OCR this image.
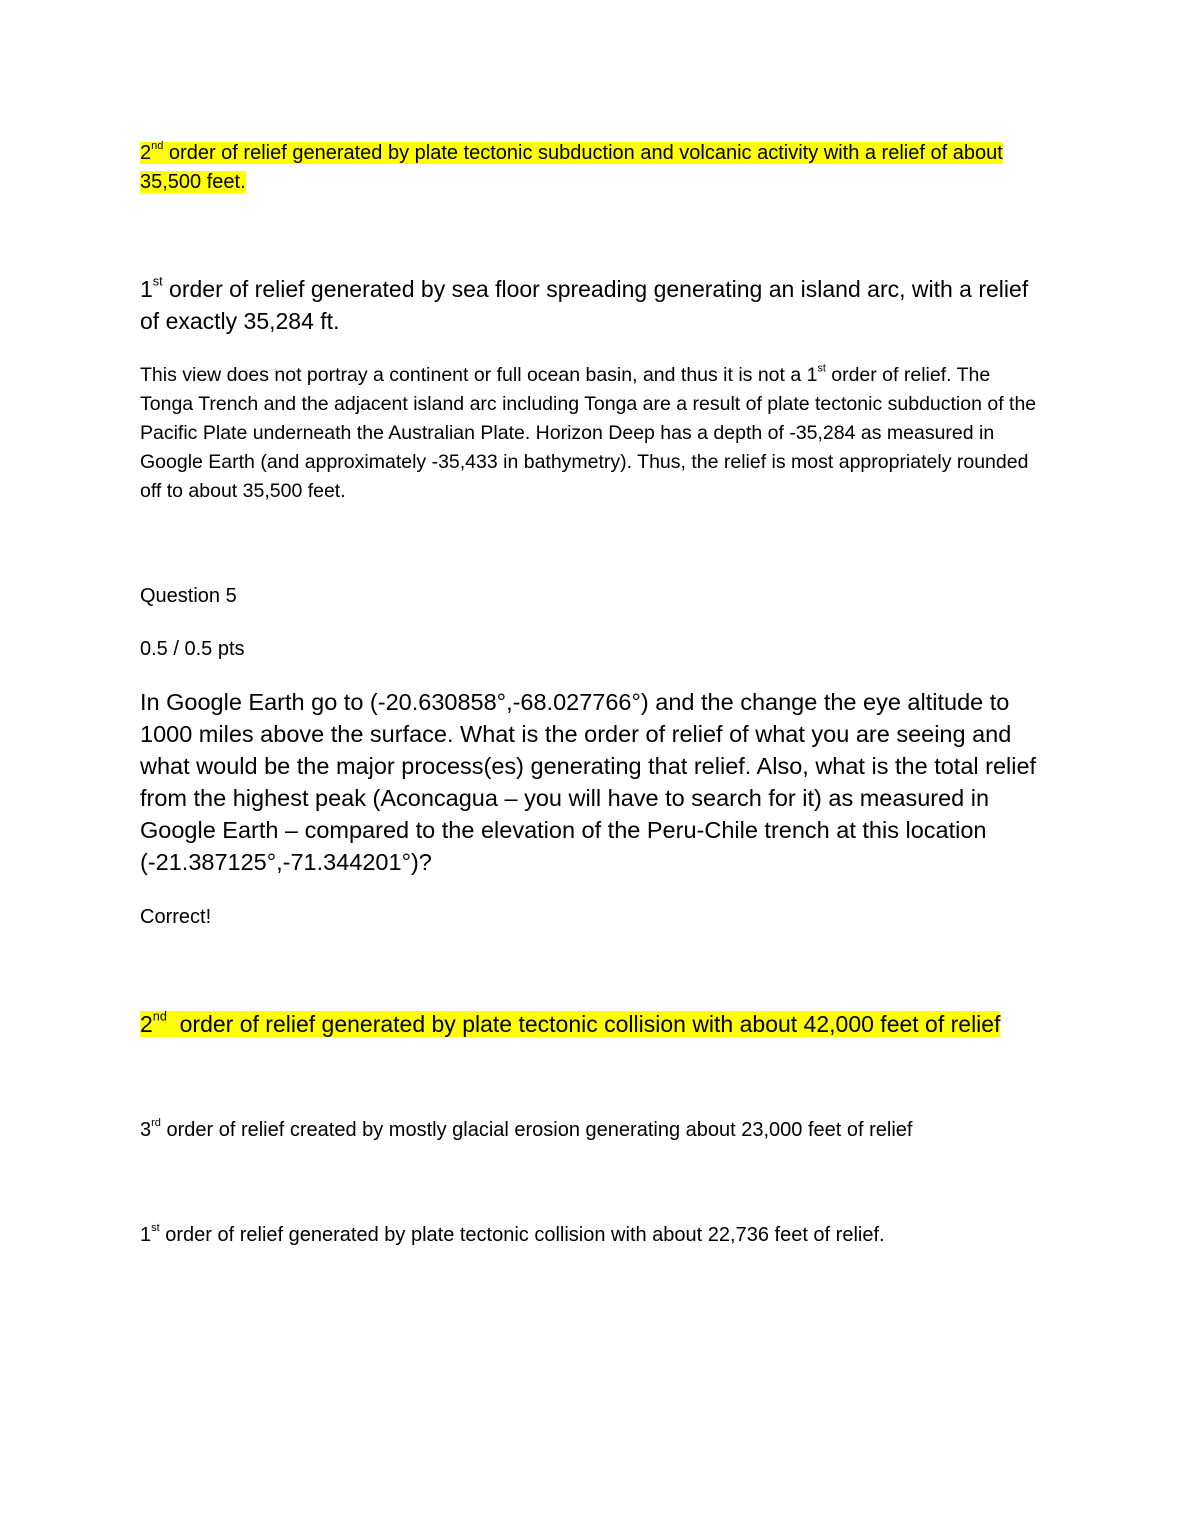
2nd order of relief generated by plate tectonic subduction and volcanic activity with a relief of about 35,500 feet.

1st order of relief generated by sea floor spreading generating an island arc, with a relief of exactly 35,284 ft.

This view does not portray a continent or full ocean basin, and thus it is not a 1st order of relief. The Tonga Trench and the adjacent island arc including Tonga are a result of plate tectonic subduction of the Pacific Plate underneath the Australian Plate. Horizon Deep has a depth of -35,284 as measured in Google Earth (and approximately -35,433 in bathymetry). Thus, the relief is most appropriately rounded off to about 35,500 feet.

Question 5

0.5 / 0.5 pts

In Google Earth go to (-20.630858°,-68.027766°) and the change the eye altitude to 1000 miles above the surface. What is the order of relief of what you are seeing and what would be the major process(es) generating that relief. Also, what is the total relief from the highest peak (Aconcagua – you will have to search for it) as measured in Google Earth – compared to the elevation of the Peru-Chile trench at this location (-21.387125°,-71.344201°)?

Correct!

2nd  order of relief generated by plate tectonic collision with about 42,000 feet of relief

3rd order of relief created by mostly glacial erosion generating about 23,000 feet of relief

1st order of relief generated by plate tectonic collision with about 22,736 feet of relief.
